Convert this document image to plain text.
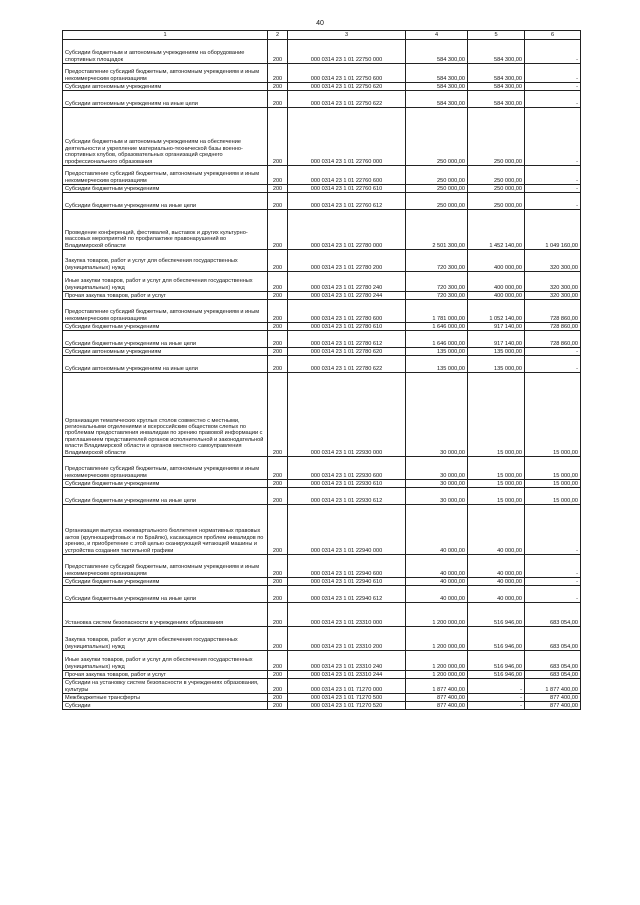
40
1	2	3	4	5	6
Субсидии бюджетным и автономным учреждениям на оборудование спортивных площадок	200	000 0314 23 1 01 22750 000	584 300,00	584 300,00	-
Предоставление субсидий бюджетным, автономным учреждениям и иным некоммерческим организациям	200	000 0314 23 1 01 22750 600	584 300,00	584 300,00	-
Субсидии автономным учреждениям	200	000 0314 23 1 01 22750 620	584 300,00	584 300,00	-
Субсидии автономным учреждениям на иные цели	200	000 0314 23 1 01 22750 622	584 300,00	584 300,00	-
Субсидии бюджетным и автономным учреждениям на обеспечение деятельности и укрепление материально-технической базы военно-спортивных клубов, образовательных организаций среднего профессионального образования	200	000 0314 23 1 01 22760 000	250 000,00	250 000,00	-
Предоставление субсидий бюджетным, автономным учреждениям и иным некоммерческим организациям	200	000 0314 23 1 01 22760 600	250 000,00	250 000,00	-
Субсидии бюджетным учреждениям	200	000 0314 23 1 01 22760 610	250 000,00	250 000,00	-
Субсидии бюджетным учреждениям на иные цели	200	000 0314 23 1 01 22760 612	250 000,00	250 000,00	-
Проведение конференций, фестивалей, выставок и других культурно-массовых мероприятий по профилактике правонарушений во Владимирской области	200	000 0314 23 1 01 22780 000	2 501 300,00	1 452 140,00	1 049 160,00
Закупка товаров, работ и услуг для обеспечения государственных (муниципальных) нужд	200	000 0314 23 1 01 22780 200	720 300,00	400 000,00	320 300,00
Иные закупки товаров, работ и услуг для обеспечения государственных (муниципальных) нужд	200	000 0314 23 1 01 22780 240	720 300,00	400 000,00	320 300,00
Прочая закупка товаров, работ и услуг	200	000 0314 23 1 01 22780 244	720 300,00	400 000,00	320 300,00
Предоставление субсидий бюджетным, автономным учреждениям и иным некоммерческим организациям	200	000 0314 23 1 01 22780 600	1 781 000,00	1 052 140,00	728 860,00
Субсидии бюджетным учреждениям	200	000 0314 23 1 01 22780 610	1 646 000,00	917 140,00	728 860,00
Субсидии бюджетным учреждениям на иные цели	200	000 0314 23 1 01 22780 612	1 646 000,00	917 140,00	728 860,00
Субсидии автономным учреждениям	200	000 0314 23 1 01 22780 620	135 000,00	135 000,00	-
Субсидии автономным учреждениям на иные цели	200	000 0314 23 1 01 22780 622	135 000,00	135 000,00	-
Организация тематических круглых столов совместно с местными, региональными отделениями и всероссийским обществом слепых по проблемам предоставления инвалидам по зрению правовой информации с приглашением представителей органов исполнительной и законодательной власти Владимирской области и органов местного самоуправления Владимирской области	200	000 0314 23 1 01 22930 000	30 000,00	15 000,00	15 000,00
Предоставление субсидий бюджетным, автономным учреждениям и иным некоммерческим организациям	200	000 0314 23 1 01 22930 600	30 000,00	15 000,00	15 000,00
Субсидии бюджетным учреждениям	200	000 0314 23 1 01 22930 610	30 000,00	15 000,00	15 000,00
Субсидии бюджетным учреждениям на иные цели	200	000 0314 23 1 01 22930 612	30 000,00	15 000,00	15 000,00
Организация выпуска ежеквартального бюллетеня нормативных правовых актов (крупношрифтовых и по Брайлю), касающихся проблем инвалидов по зрению, и приобретение с этой целью сканирующей читающей машины и устройства создания тактильной графики	200	000 0314 23 1 01 22940 000	40 000,00	40 000,00	-
Предоставление субсидий бюджетным, автономным учреждениям и иным некоммерческим организациям	200	000 0314 23 1 01 22940 600	40 000,00	40 000,00	-
Субсидии бюджетным учреждениям	200	000 0314 23 1 01 22940 610	40 000,00	40 000,00	-
Субсидии бюджетным учреждениям на иные цели	200	000 0314 23 1 01 22940 612	40 000,00	40 000,00	-
Установка систем безопасности в учреждениях образования	200	000 0314 23 1 01 23310 000	1 200 000,00	516 946,00	683 054,00
Закупка товаров, работ и услуг для обеспечения государственных (муниципальных) нужд	200	000 0314 23 1 01 23310 200	1 200 000,00	516 946,00	683 054,00
Иные закупки товаров, работ и услуг для обеспечения государственных (муниципальных) нужд	200	000 0314 23 1 01 23310 240	1 200 000,00	516 946,00	683 054,00
Прочая закупка товаров, работ и услуг	200	000 0314 23 1 01 23310 244	1 200 000,00	516 946,00	683 054,00
Субсидии на установку систем безопасности в учреждениях образования, культуры	200	000 0314 23 1 01 71270 000	1 877 400,00	-	1 877 400,00
Межбюджетные трансферты	200	000 0314 23 1 01 71270 500	877 400,00	-	877 400,00
Субсидии	200	000 0314 23 1 01 71270 520	877 400,00	-	877 400,00
